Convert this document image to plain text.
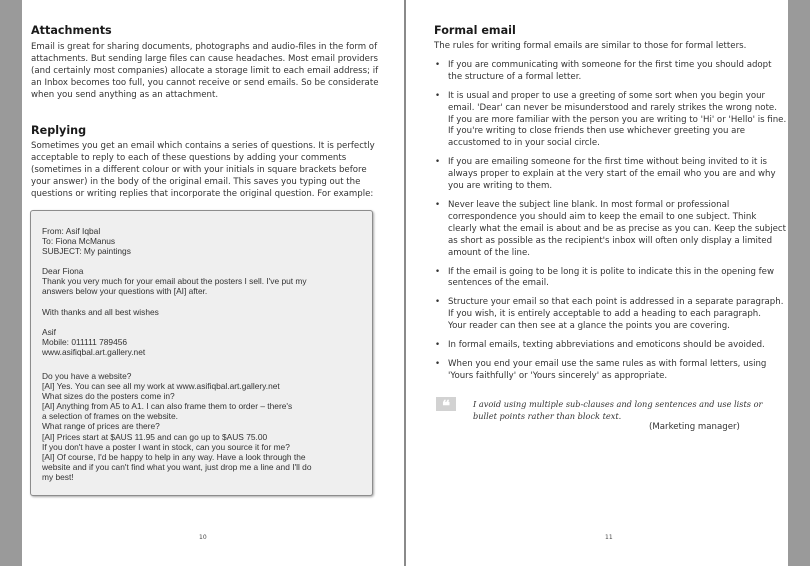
Attachments

Email is great for sharing documents, photographs and audio-files in the form of
attachments. But sending large files can cause headaches. Most email providers
(and certainly most companies) allocate a storage limit to each email address; if
an Inbox becomes too full, you cannot receive or send emails. So be considerate
when you send anything as an attachment.

Replying

Sometimes you get an email which contains a series of questions. It is perfectly
acceptable to reply to each of these questions by adding your comments
(sometimes in a different colour or with your initials in square brackets before
your answer) in the body of the original email. This saves you typing out the
questions or writing replies that incorporate the original question. For example:

From: Asif Iqbal
To: Fiona McManus
SUBJECT: My paintings
Dear Fiona
Thank you very much for your email about the posters I sell. I've put my
answers below your questions with [AI] after.
With thanks and all best wishes
Asif
Mobile: 011111 789456
www.asifiqbal.art.gallery.net
Do you have a website?
[AI] Yes. You can see all my work at www.asifiqbal.art.gallery.net
What sizes do the posters come in?
[AI] Anything from A5 to A1. I can also frame them to order – there's
a selection of frames on the website.
What range of prices are there?
[AI] Prices start at $AUS 11.95 and can go up to $AUS 75.00
If you don't have a poster I want in stock, can you source it for me?
[AI] Of course, I'd be happy to help in any way. Have a look through the
website and if you can't find what you want, just drop me a line and I'll do
my best!
10
Formal email

The rules for writing formal emails are similar to those for formal letters.

• If you are communicating with someone for the first time you should adopt
the structure of a formal letter.
• It is usual and proper to use a greeting of some sort when you begin your
email. 'Dear' can never be misunderstood and rarely strikes the wrong note.
If you are more familiar with the person you are writing to 'Hi' or 'Hello' is fine.
If you're writing to close friends then use whichever greeting you are
accustomed to in your social circle.
• If you are emailing someone for the first time without being invited to it is
always proper to explain at the very start of the email who you are and why
you are writing to them.
• Never leave the subject line blank. In most formal or professional
correspondence you should aim to keep the email to one subject. Think
clearly what the email is about and be as precise as you can. Keep the subject
as short as possible as the recipient's inbox will often only display a limited
amount of the line.
• If the email is going to be long it is polite to indicate this in the opening few
sentences of the email.
• Structure your email so that each point is addressed in a separate paragraph.
If you wish, it is entirely acceptable to add a heading to each paragraph.
Your reader can then see at a glance the points you are covering.
• In formal emails, texting abbreviations and emoticons should be avoided.
• When you end your email use the same rules as with formal letters, using
'Yours faithfully' or 'Yours sincerely' as appropriate.
❝	I avoid using multiple sub-clauses and long sentences and use lists or
bullet points rather than block text.
(Marketing manager)
11
